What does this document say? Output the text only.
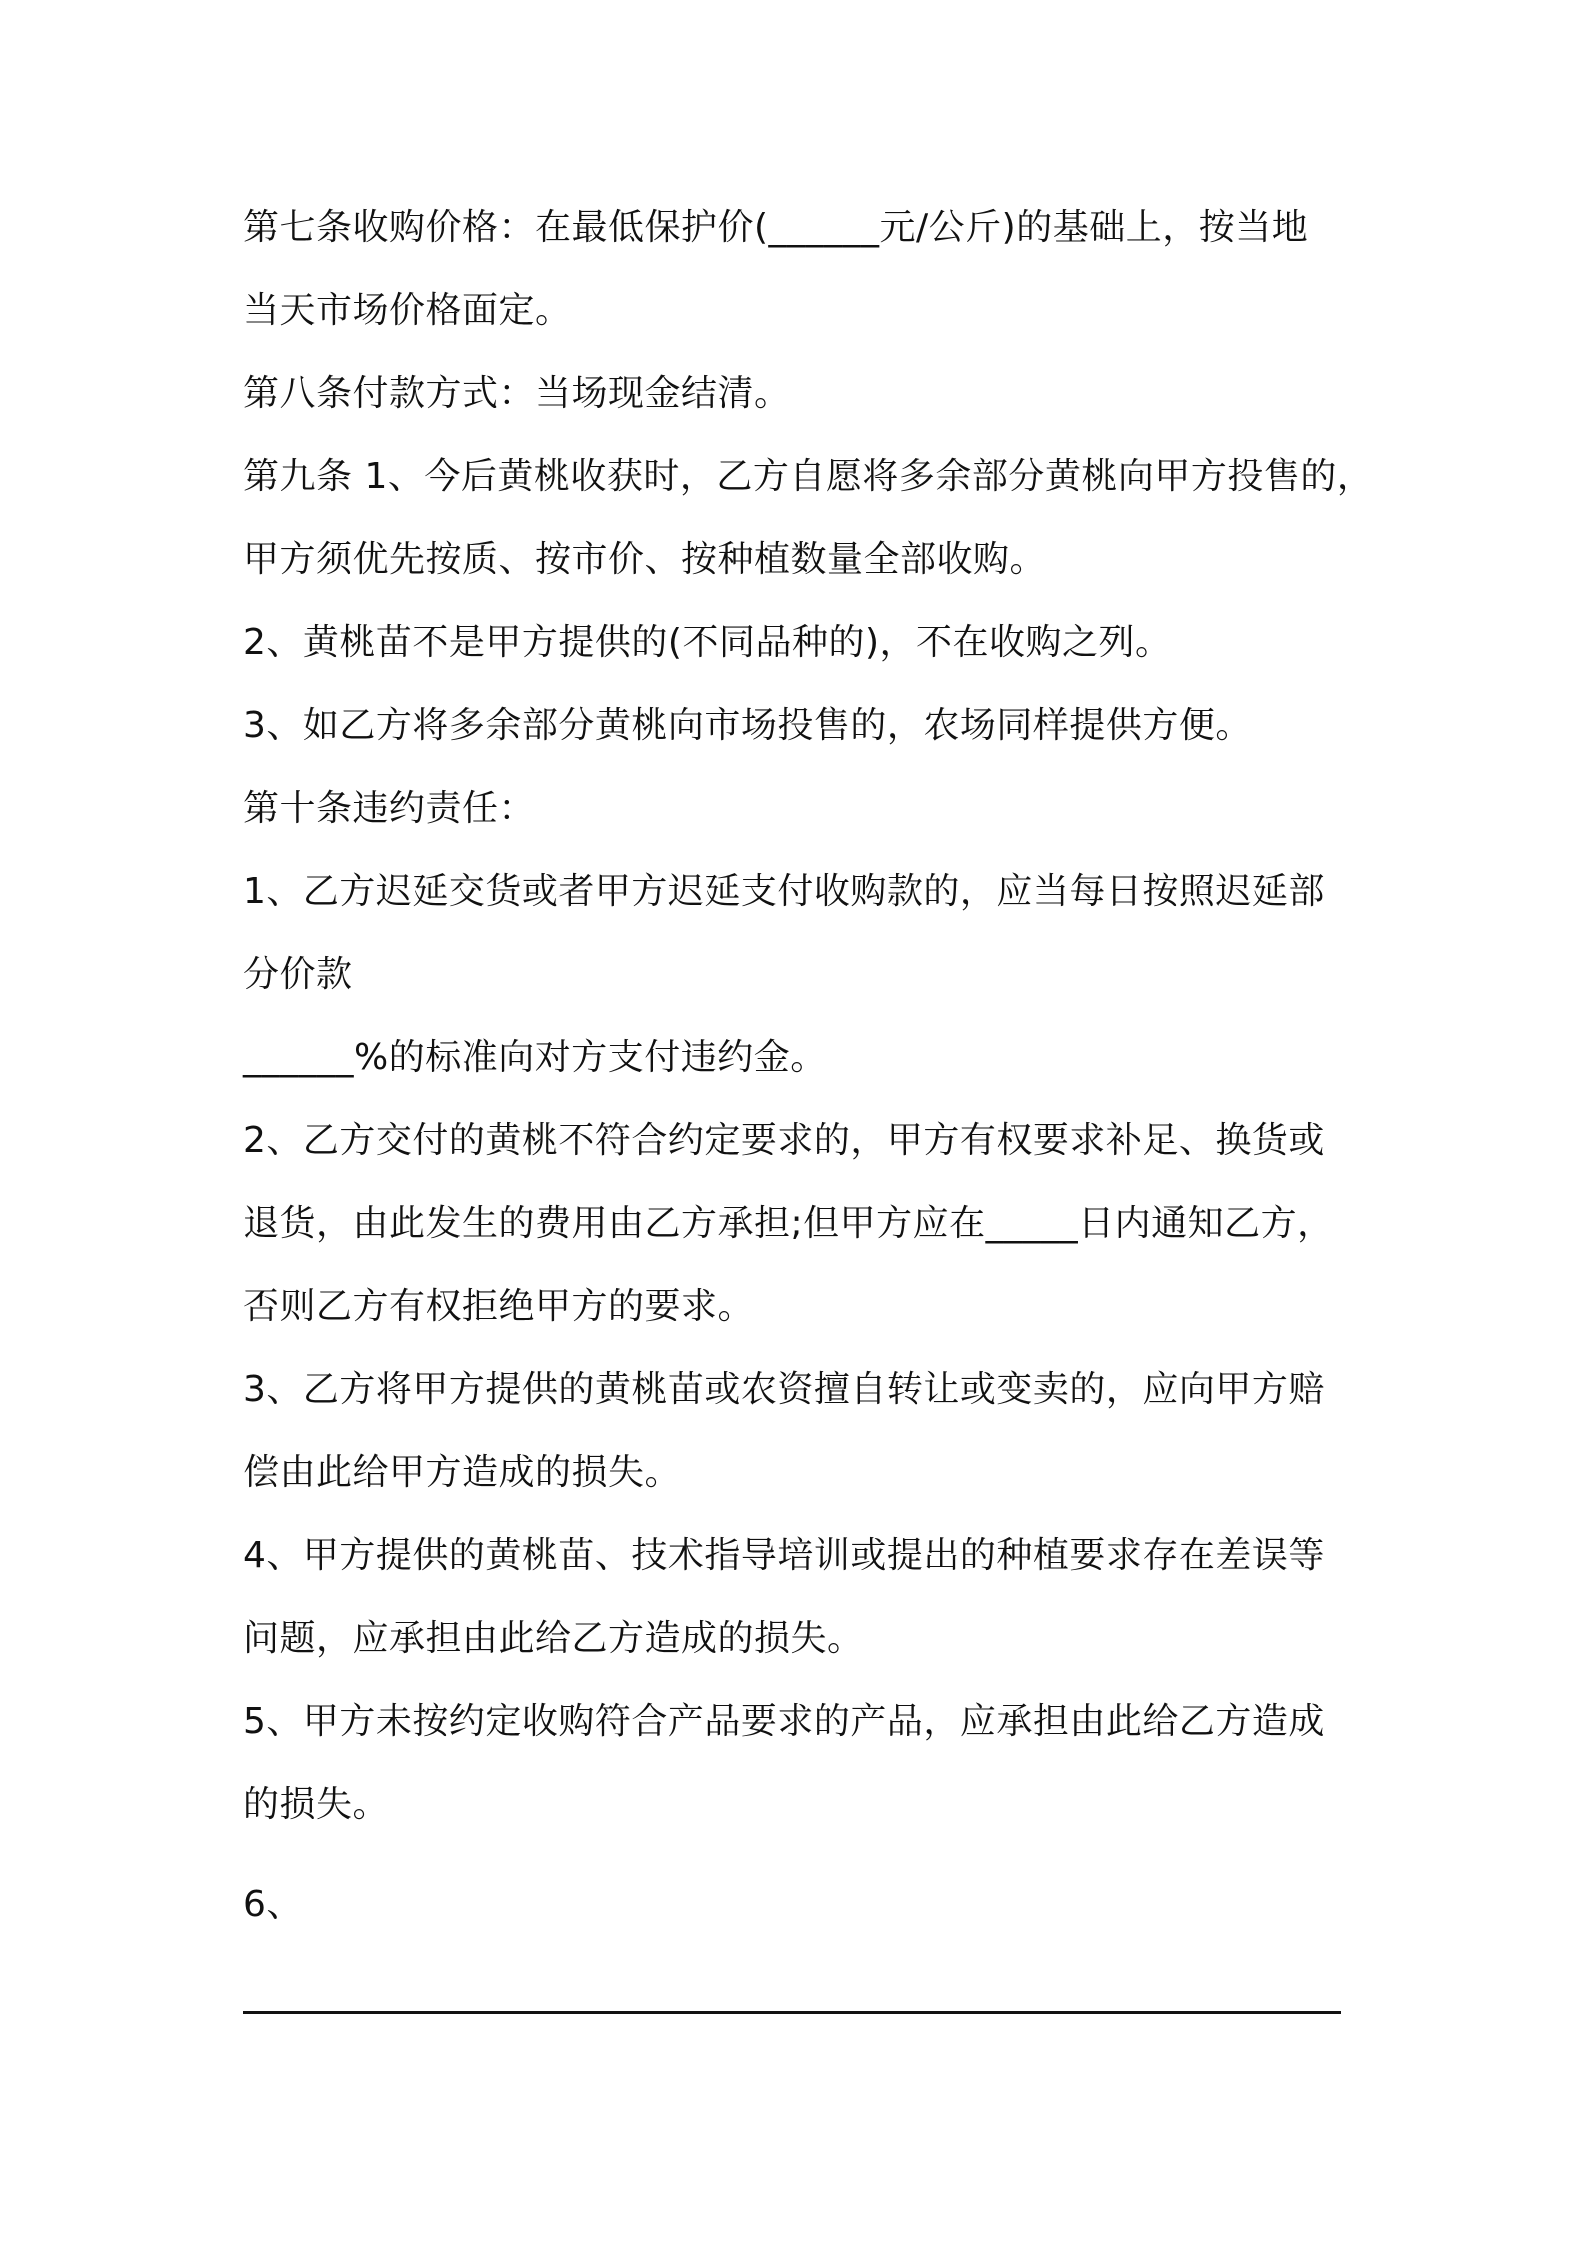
第七条收购价格：在最低保护价(______元/公斤)的基础上，按当地
当天市场价格面定。
第八条付款方式：当场现金结清。
第九条 1、今后黄桃收获时，乙方自愿将多余部分黄桃向甲方投售的，
甲方须优先按质、按市价、按种植数量全部收购。
2、黄桃苗不是甲方提供的(不同品种的)，不在收购之列。
3、如乙方将多余部分黄桃向市场投售的，农场同样提供方便。
第十条违约责任：
1、乙方迟延交货或者甲方迟延支付收购款的，应当每日按照迟延部
分价款
______%的标准向对方支付违约金。
2、乙方交付的黄桃不符合约定要求的，甲方有权要求补足、换货或
退货，由此发生的费用由乙方承担;但甲方应在_____日内通知乙方，
否则乙方有权拒绝甲方的要求。
3、乙方将甲方提供的黄桃苗或农资擅自转让或变卖的，应向甲方赔
偿由此给甲方造成的损失。
4、甲方提供的黄桃苗、技术指导培训或提出的种植要求存在差误等
问题，应承担由此给乙方造成的损失。
5、甲方未按约定收购符合产品要求的产品，应承担由此给乙方造成
的损失。
6、
